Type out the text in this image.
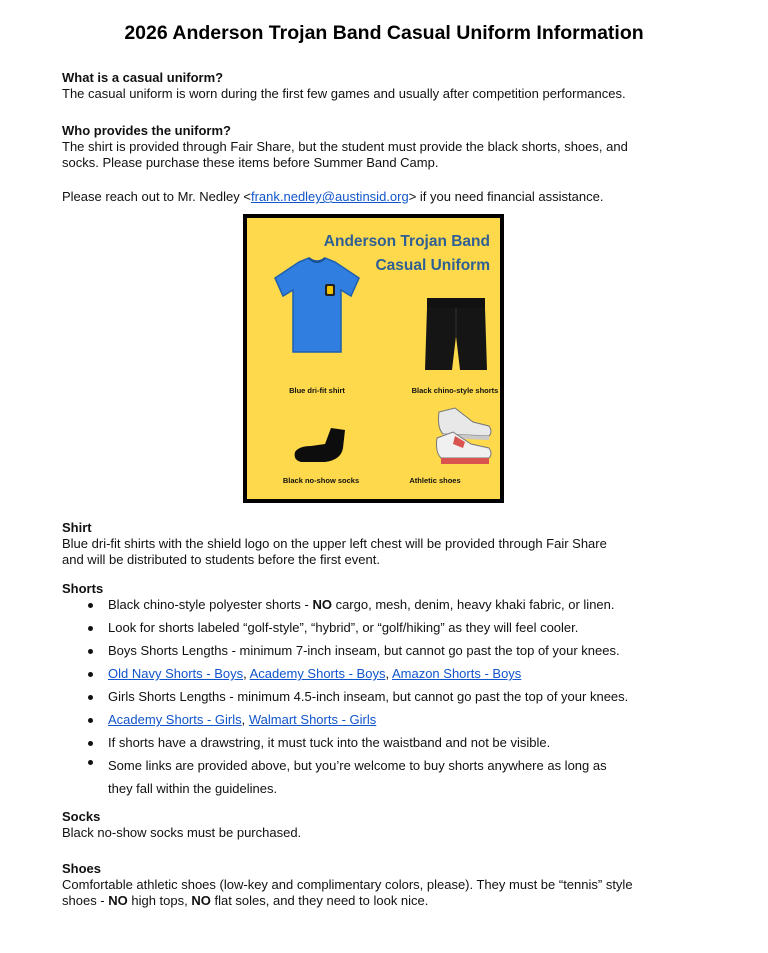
2026 Anderson Trojan Band Casual Uniform Information
What is a casual uniform?
The casual uniform is worn during the first few games and usually after competition performances.
Who provides the uniform?
The shirt is provided through Fair Share, but the student must provide the black shorts, shoes, and
socks. Please purchase these items before Summer Band Camp.
Please reach out to Mr. Nedley <frank.nedley@austinsid.org> if you need financial assistance.
Anderson Trojan Band
Casual Uniform
Blue dri-fit shirt	Black chino-style shorts
Black no-show socks	Athletic shoes
Shirt
Blue dri-fit shirts with the shield logo on the upper left chest will be provided through Fair Share
and will be distributed to students before the first event.
Shorts
Black chino-style polyester shorts - NO cargo, mesh, denim, heavy khaki fabric, or linen.
Look for shorts labeled “golf-style”, “hybrid”, or “golf/hiking” as they will feel cooler.
Boys Shorts Lengths - minimum 7-inch inseam, but cannot go past the top of your knees.
Old Navy Shorts - Boys, Academy Shorts - Boys, Amazon Shorts - Boys
Girls Shorts Lengths - minimum 4.5-inch inseam, but cannot go past the top of your knees.
Academy Shorts - Girls, Walmart Shorts - Girls
If shorts have a drawstring, it must tuck into the waistband and not be visible.
Some links are provided above, but you’re welcome to buy shorts anywhere as long as
they fall within the guidelines.
Socks
Black no-show socks must be purchased.
Shoes
Comfortable athletic shoes (low-key and complimentary colors, please). They must be “tennis” style
shoes - NO high tops, NO flat soles, and they need to look nice.
